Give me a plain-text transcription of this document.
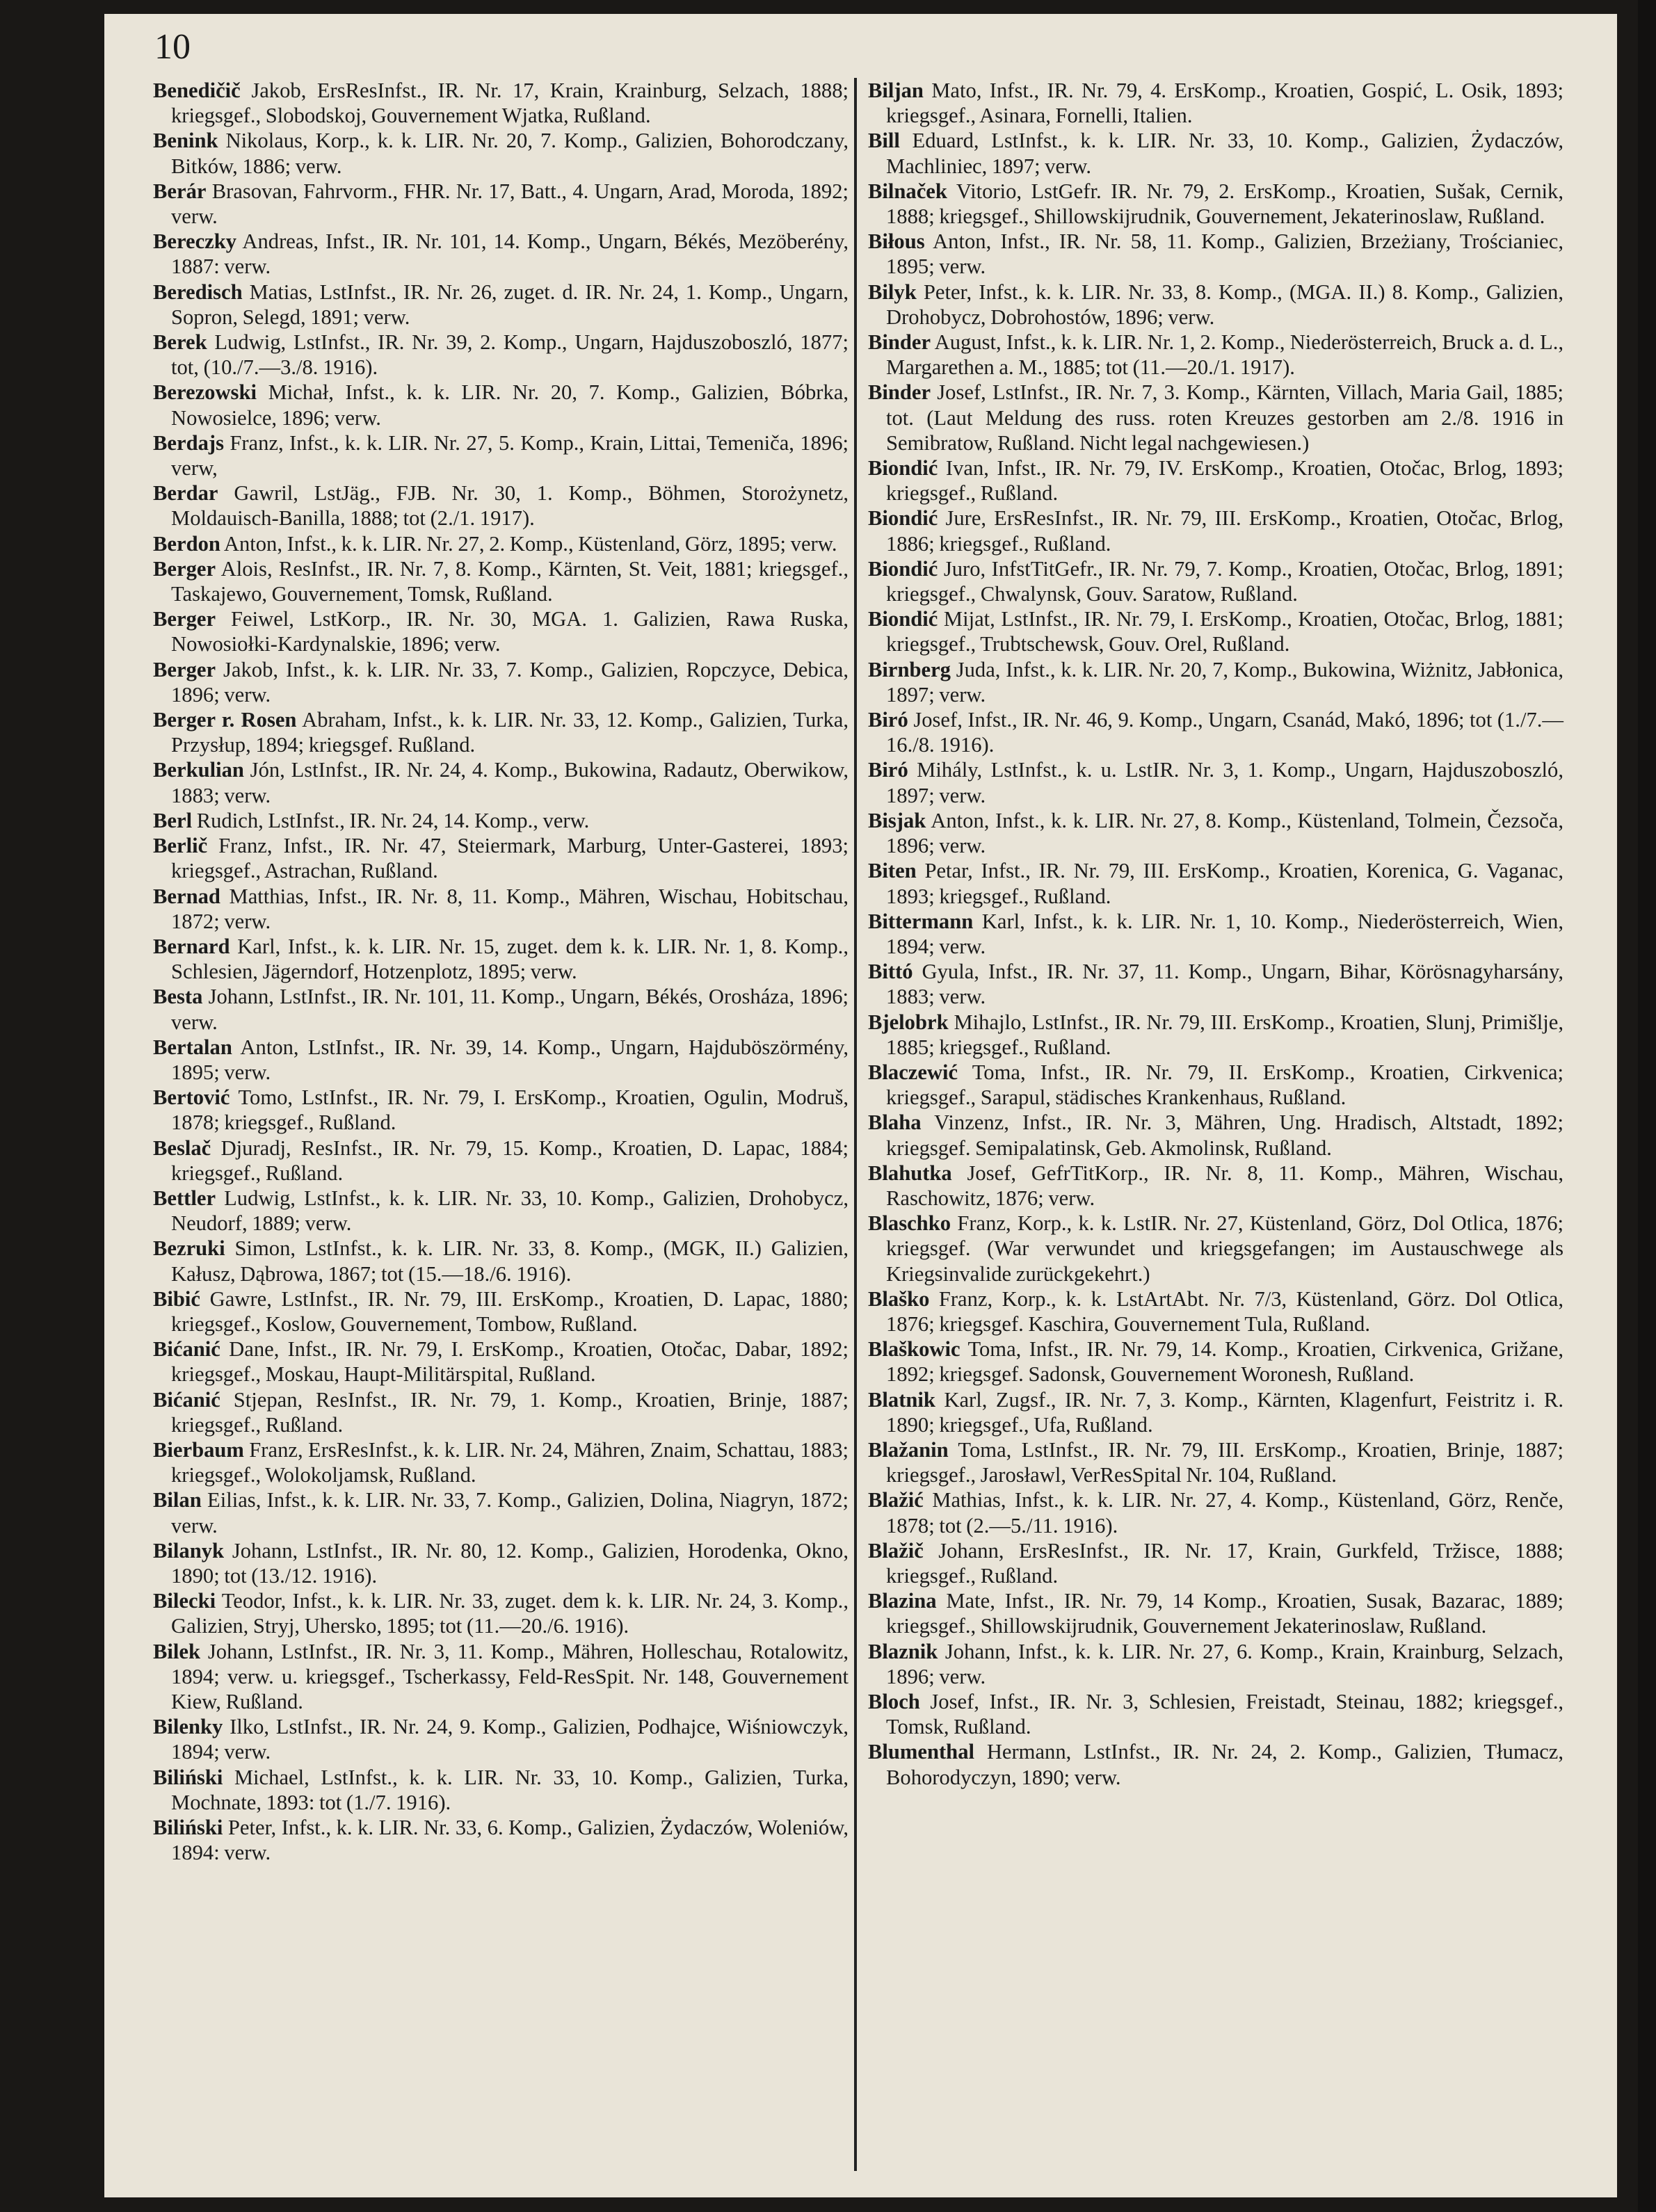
10

Benedičič Jakob, ErsResInfst., IR. Nr. 17, Krain, Krainburg, Selzach, 1888; kriegsgef., Slobodskoj, Gouvernement Wjatka, Rußland.

Benink Nikolaus, Korp., k. k. LIR. Nr. 20, 7. Komp., Galizien, Bohorodczany, Bitków, 1886; verw.

Berár Brasovan, Fahrvorm., FHR. Nr. 17, Batt., 4. Ungarn, Arad, Moroda, 1892; verw.

Bereczky Andreas, Infst., IR. Nr. 101, 14. Komp., Ungarn, Békés, Mezöberény, 1887: verw.

Beredisch Matias, LstInfst., IR. Nr. 26, zuget. d. IR. Nr. 24, 1. Komp., Ungarn, Sopron, Selegd, 1891; verw.

Berek Ludwig, LstInfst., IR. Nr. 39, 2. Komp., Ungarn, Hajduszoboszló, 1877; tot, (10./7.—3./8. 1916).

Berezowski Michał, Infst., k. k. LIR. Nr. 20, 7. Komp., Galizien, Bóbrka, Nowosielce, 1896; verw.

Berdajs Franz, Infst., k. k. LIR. Nr. 27, 5. Komp., Krain, Littai, Temeniča, 1896; verw,

Berdar Gawril, LstJäg., FJB. Nr. 30, 1. Komp., Böhmen, Storożynetz, Moldauisch-Banilla, 1888; tot (2./1. 1917).

Berdon Anton, Infst., k. k. LIR. Nr. 27, 2. Komp., Küstenland, Görz, 1895; verw.

Berger Alois, ResInfst., IR. Nr. 7, 8. Komp., Kärnten, St. Veit, 1881; kriegsgef., Taskajewo, Gouvernement, Tomsk, Rußland.

Berger Feiwel, LstKorp., IR. Nr. 30, MGA. 1. Galizien, Rawa Ruska, Nowosiołki-Kardynalskie, 1896; verw.

Berger Jakob, Infst., k. k. LIR. Nr. 33, 7. Komp., Galizien, Ropczyce, Debica, 1896; verw.

Berger r. Rosen Abraham, Infst., k. k. LIR. Nr. 33, 12. Komp., Galizien, Turka, Przysłup, 1894; kriegsgef. Rußland.

Berkulian Jón, LstInfst., IR. Nr. 24, 4. Komp., Bukowina, Radautz, Oberwikow, 1883; verw.

Berl Rudich, LstInfst., IR. Nr. 24, 14. Komp., verw.

Berlič Franz, Infst., IR. Nr. 47, Steiermark, Marburg, Unter-Gasterei, 1893; kriegsgef., Astrachan, Rußland.

Bernad Matthias, Infst., IR. Nr. 8, 11. Komp., Mähren, Wischau, Hobitschau, 1872; verw.

Bernard Karl, Infst., k. k. LIR. Nr. 15, zuget. dem k. k. LIR. Nr. 1, 8. Komp., Schlesien, Jägerndorf, Hotzenplotz, 1895; verw.

Besta Johann, LstInfst., IR. Nr. 101, 11. Komp., Ungarn, Békés, Orosháza, 1896; verw.

Bertalan Anton, LstInfst., IR. Nr. 39, 14. Komp., Ungarn, Hajduböszörmény, 1895; verw.

Bertović Tomo, LstInfst., IR. Nr. 79, I. ErsKomp., Kroatien, Ogulin, Modruš, 1878; kriegsgef., Rußland.

Beslač Djuradj, ResInfst., IR. Nr. 79, 15. Komp., Kroatien, D. Lapac, 1884; kriegsgef., Rußland.

Bettler Ludwig, LstInfst., k. k. LIR. Nr. 33, 10. Komp., Galizien, Drohobycz, Neudorf, 1889; verw.

Bezruki Simon, LstInfst., k. k. LIR. Nr. 33, 8. Komp., (MGK, II.) Galizien, Kałusz, Dąbrowa, 1867; tot (15.—18./6. 1916).

Bibić Gawre, LstInfst., IR. Nr. 79, III. ErsKomp., Kroatien, D. Lapac, 1880; kriegsgef., Koslow, Gouvernement, Tombow, Rußland.

Bićanić Dane, Infst., IR. Nr. 79, I. ErsKomp., Kroatien, Otočac, Dabar, 1892; kriegsgef., Moskau, Haupt-Militärspital, Rußland.

Bićanić Stjepan, ResInfst., IR. Nr. 79, 1. Komp., Kroatien, Brinje, 1887; kriegsgef., Rußland.

Bierbaum Franz, ErsResInfst., k. k. LIR. Nr. 24, Mähren, Znaim, Schattau, 1883; kriegsgef., Wolokoljamsk, Rußland.

Bilan Eilias, Infst., k. k. LIR. Nr. 33, 7. Komp., Galizien, Dolina, Niagryn, 1872; verw.

Bilanyk Johann, LstInfst., IR. Nr. 80, 12. Komp., Galizien, Horodenka, Okno, 1890; tot (13./12. 1916).

Bilecki Teodor, Infst., k. k. LIR. Nr. 33, zuget. dem k. k. LIR. Nr. 24, 3. Komp., Galizien, Stryj, Uhersko, 1895; tot (11.—20./6. 1916).

Bilek Johann, LstInfst., IR. Nr. 3, 11. Komp., Mähren, Holleschau, Rotalowitz, 1894; verw. u. kriegsgef., Tscherkassy, Feld-ResSpit. Nr. 148, Gouvernement Kiew, Rußland.

Bilenky Ilko, LstInfst., IR. Nr. 24, 9. Komp., Galizien, Podhajce, Wiśniowczyk, 1894; verw.

Biliński Michael, LstInfst., k. k. LIR. Nr. 33, 10. Komp., Galizien, Turka, Mochnate, 1893: tot (1./7. 1916).

Biliński Peter, Infst., k. k. LIR. Nr. 33, 6. Komp., Galizien, Żydaczów, Woleniów, 1894: verw.

Biljan Mato, Infst., IR. Nr. 79, 4. ErsKomp., Kroatien, Gospić, L. Osik, 1893; kriegsgef., Asinara, Fornelli, Italien.

Bill Eduard, LstInfst., k. k. LIR. Nr. 33, 10. Komp., Galizien, Żydaczów, Machliniec, 1897; verw.

Bilnaček Vitorio, LstGefr. IR. Nr. 79, 2. ErsKomp., Kroatien, Sušak, Cernik, 1888; kriegsgef., Shillowskijrudnik, Gouvernement, Jekaterinoslaw, Rußland.

Biłous Anton, Infst., IR. Nr. 58, 11. Komp., Galizien, Brzeżiany, Trościaniec, 1895; verw.

Bilyk Peter, Infst., k. k. LIR. Nr. 33, 8. Komp., (MGA. II.) 8. Komp., Galizien, Drohobycz, Dobrohostów, 1896; verw.

Binder August, Infst., k. k. LIR. Nr. 1, 2. Komp., Niederösterreich, Bruck a. d. L., Margarethen a. M., 1885; tot (11.—20./1. 1917).

Binder Josef, LstInfst., IR. Nr. 7, 3. Komp., Kärnten, Villach, Maria Gail, 1885; tot. (Laut Meldung des russ. roten Kreuzes gestorben am 2./8. 1916 in Semibratow, Rußland. Nicht legal nachgewiesen.)

Biondić Ivan, Infst., IR. Nr. 79, IV. ErsKomp., Kroatien, Otočac, Brlog, 1893; kriegsgef., Rußland.

Biondić Jure, ErsResInfst., IR. Nr. 79, III. ErsKomp., Kroatien, Otočac, Brlog, 1886; kriegsgef., Rußland.

Biondić Juro, InfstTitGefr., IR. Nr. 79, 7. Komp., Kroatien, Otočac, Brlog, 1891; kriegsgef., Chwalynsk, Gouv. Saratow, Rußland.

Biondić Mijat, LstInfst., IR. Nr. 79, I. ErsKomp., Kroatien, Otočac, Brlog, 1881; kriegsgef., Trubtschewsk, Gouv. Orel, Rußland.

Birnberg Juda, Infst., k. k. LIR. Nr. 20, 7, Komp., Bukowina, Wiżnitz, Jabłonica, 1897; verw.

Biró Josef, Infst., IR. Nr. 46, 9. Komp., Ungarn, Csanád, Makó, 1896; tot (1./7.—16./8. 1916).

Biró Mihály, LstInfst., k. u. LstIR. Nr. 3, 1. Komp., Ungarn, Hajduszoboszló, 1897; verw.

Bisjak Anton, Infst., k. k. LIR. Nr. 27, 8. Komp., Küstenland, Tolmein, Čezsoča, 1896; verw.

Biten Petar, Infst., IR. Nr. 79, III. ErsKomp., Kroatien, Korenica, G. Vaganac, 1893; kriegsgef., Rußland.

Bittermann Karl, Infst., k. k. LIR. Nr. 1, 10. Komp., Niederösterreich, Wien, 1894; verw.

Bittó Gyula, Infst., IR. Nr. 37, 11. Komp., Ungarn, Bihar, Körösnagyharsány, 1883; verw.

Bjelobrk Mihajlo, LstInfst., IR. Nr. 79, III. ErsKomp., Kroatien, Slunj, Primišlje, 1885; kriegsgef., Rußland.

Blaczewić Toma, Infst., IR. Nr. 79, II. ErsKomp., Kroatien, Cirkvenica; kriegsgef., Sarapul, städisches Krankenhaus, Rußland.

Blaha Vinzenz, Infst., IR. Nr. 3, Mähren, Ung. Hradisch, Altstadt, 1892; kriegsgef. Semipalatinsk, Geb. Akmolinsk, Rußland.

Blahutka Josef, GefrTitKorp., IR. Nr. 8, 11. Komp., Mähren, Wischau, Raschowitz, 1876; verw.

Blaschko Franz, Korp., k. k. LstIR. Nr. 27, Küstenland, Görz, Dol Otlica, 1876; kriegsgef. (War verwundet und kriegsgefangen; im Austauschwege als Kriegsinvalide zurückgekehrt.)

Blaško Franz, Korp., k. k. LstArtAbt. Nr. 7/3, Küstenland, Görz. Dol Otlica, 1876; kriegsgef. Kaschira, Gouvernement Tula, Rußland.

Blaškowic Toma, Infst., IR. Nr. 79, 14. Komp., Kroatien, Cirkvenica, Grižane, 1892; kriegsgef. Sadonsk, Gouvernement Woronesh, Rußland.

Blatnik Karl, Zugsf., IR. Nr. 7, 3. Komp., Kärnten, Klagenfurt, Feistritz i. R. 1890; kriegsgef., Ufa, Rußland.

Blažanin Toma, LstInfst., IR. Nr. 79, III. ErsKomp., Kroatien, Brinje, 1887; kriegsgef., Jarosławl, VerResSpital Nr. 104, Rußland.

Blažić Mathias, Infst., k. k. LIR. Nr. 27, 4. Komp., Küstenland, Görz, Renče, 1878; tot (2.—5./11. 1916).

Blažič Johann, ErsResInfst., IR. Nr. 17, Krain, Gurkfeld, Tržisce, 1888; kriegsgef., Rußland.

Blazina Mate, Infst., IR. Nr. 79, 14 Komp., Kroatien, Susak, Bazarac, 1889; kriegsgef., Shillowskijrudnik, Gouvernement Jekaterinoslaw, Rußland.

Blaznik Johann, Infst., k. k. LIR. Nr. 27, 6. Komp., Krain, Krainburg, Selzach, 1896; verw.

Bloch Josef, Infst., IR. Nr. 3, Schlesien, Freistadt, Steinau, 1882; kriegsgef., Tomsk, Rußland.

Blumenthal Hermann, LstInfst., IR. Nr. 24, 2. Komp., Galizien, Tłumacz, Bohorodyczyn, 1890; verw.
